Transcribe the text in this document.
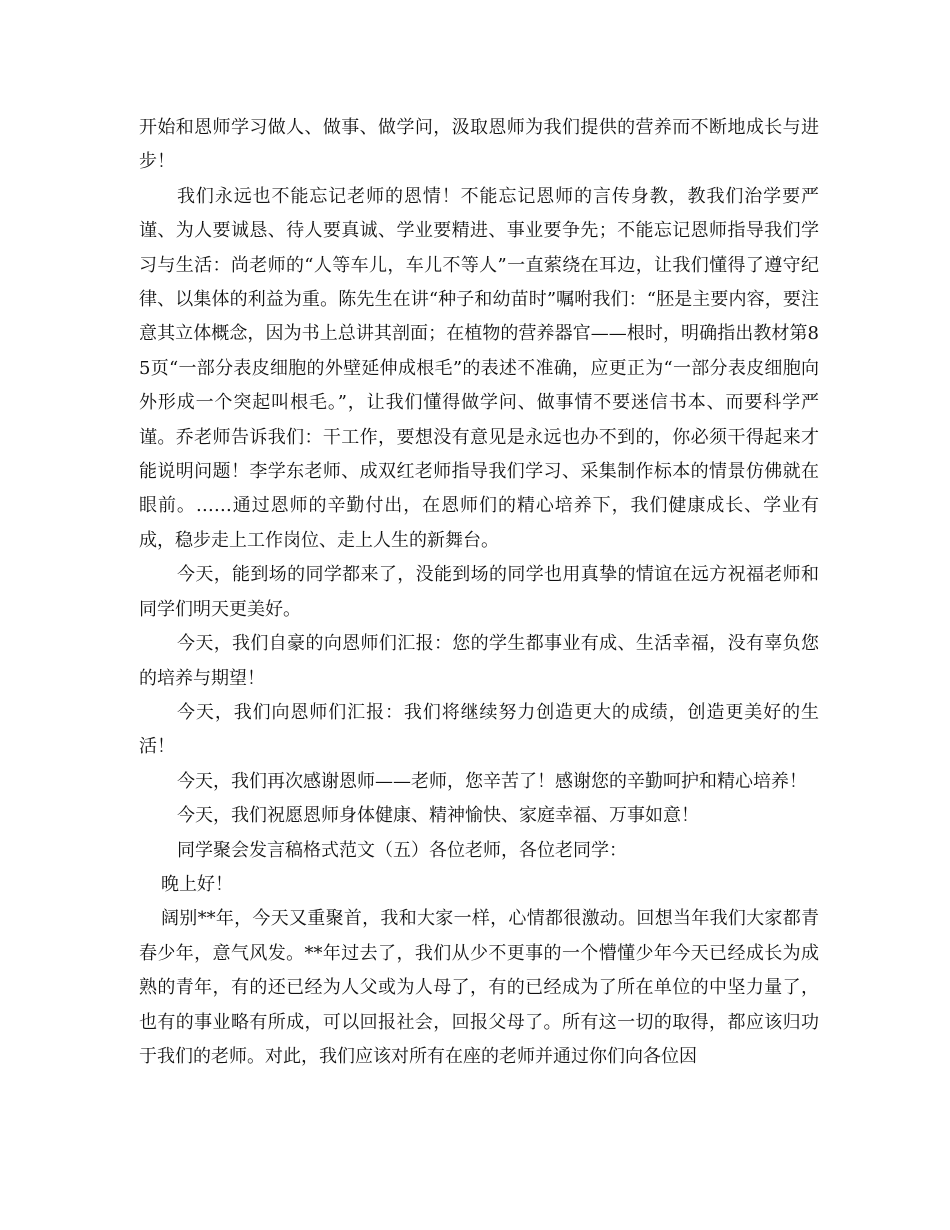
开始和恩师学习做人、做事、做学问，汲取恩师为我们提供的营养而不断地成长与进步！

我们永远也不能忘记老师的恩情！不能忘记恩师的言传身教，教我们治学要严谨、为人要诚恳、待人要真诚、学业要精进、事业要争先；不能忘记恩师指导我们学习与生活：尚老师的“人等车儿，车儿不等人”一直萦绕在耳边，让我们懂得了遵守纪律、以集体的利益为重。陈先生在讲“种子和幼苗时”嘱咐我们：“胚是主要内容，要注意其立体概念，因为书上总讲其剖面；在植物的营养器官——根时，明确指出教材第85页“一部分表皮细胞的外壁延伸成根毛”的表述不准确，应更正为“一部分表皮细胞向外形成一个突起叫根毛。”，让我们懂得做学问、做事情不要迷信书本、而要科学严谨。乔老师告诉我们：干工作，要想没有意见是永远也办不到的，你必须干得起来才能说明问题！李学东老师、成双红老师指导我们学习、采集制作标本的情景仿佛就在眼前。……通过恩师的辛勤付出，在恩师们的精心培养下，我们健康成长、学业有成，稳步走上工作岗位、走上人生的新舞台。

今天，能到场的同学都来了，没能到场的同学也用真挚的情谊在远方祝福老师和同学们明天更美好。

今天，我们自豪的向恩师们汇报：您的学生都事业有成、生活幸福，没有辜负您的培养与期望！

今天，我们向恩师们汇报：我们将继续努力创造更大的成绩，创造更美好的生活！

今天，我们再次感谢恩师——老师，您辛苦了！感谢您的辛勤呵护和精心培养！

今天，我们祝愿恩师身体健康、精神愉快、家庭幸福、万事如意！

同学聚会发言稿格式范文（五）各位老师，各位老同学：

晚上好！

阔别**年，今天又重聚首，我和大家一样，心情都很激动。回想当年我们大家都青春少年，意气风发。**年过去了，我们从少不更事的一个懵懂少年今天已经成长为成熟的青年，有的还已经为人父或为人母了，有的已经成为了所在单位的中坚力量了，也有的事业略有所成，可以回报社会，回报父母了。所有这一切的取得，都应该归功于我们的老师。对此，我们应该对所有在座的老师并通过你们向各位因
